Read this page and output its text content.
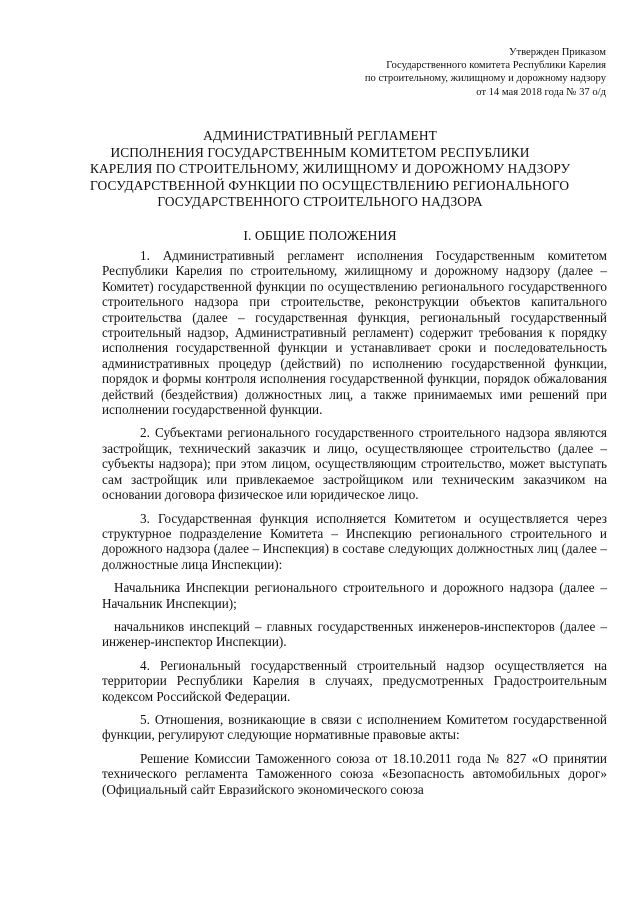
Утвержден Приказом
Государственного комитета Республики Карелия
по строительному, жилищному и дорожному надзору
от 14 мая 2018 года № 37 о/д
АДМИНИСТРАТИВНЫЙ РЕГЛАМЕНТ
ИСПОЛНЕНИЯ ГОСУДАРСТВЕННЫМ КОМИТЕТОМ РЕСПУБЛИКИ
КАРЕЛИЯ ПО СТРОИТЕЛЬНОМУ, ЖИЛИЩНОМУ И ДОРОЖНОМУ НАДЗОРУ
ГОСУДАРСТВЕННОЙ ФУНКЦИИ ПО ОСУЩЕСТВЛЕНИЮ РЕГИОНАЛЬНОГО
ГОСУДАРСТВЕННОГО СТРОИТЕЛЬНОГО НАДЗОРА
I. ОБЩИЕ ПОЛОЖЕНИЯ

1. Административный регламент исполнения Государственным комитетом Республики Карелия по строительному, жилищному и дорожному надзору (далее – Комитет) государственной функции по осуществлению регионального государственного строительного надзора при строительстве, реконструкции объектов капитального строительства (далее – государственная функция, региональный государственный строительный надзор, Административный регламент) содержит требования к порядку исполнения государственной функции и устанавливает сроки и последовательность административных процедур (действий) по исполнению государственной функции, порядок и формы контроля исполнения государственной функции, порядок обжалования действий (бездействия) должностных лиц, а также принимаемых ими решений при исполнении государственной функции.

2. Субъектами регионального государственного строительного надзора являются застройщик, технический заказчик и лицо, осуществляющее строительство (далее – субъекты надзора); при этом лицом, осуществляющим строительство, может выступать сам застройщик или привлекаемое застройщиком или техническим заказчиком на основании договора физическое или юридическое лицо.

3. Государственная функция исполняется Комитетом и осуществляется через структурное подразделение Комитета – Инспекцию регионального строительного и дорожного надзора (далее – Инспекция) в составе следующих должностных лиц (далее – должностные лица Инспекции):

Начальника Инспекции регионального строительного и дорожного надзора (далее – Начальник Инспекции);

начальников инспекций – главных государственных инженеров-инспекторов (далее – инженер-инспектор Инспекции).

4. Региональный государственный строительный надзор осуществляется на территории Республики Карелия в случаях, предусмотренных Градостроительным кодексом Российской Федерации.

5. Отношения, возникающие в связи с исполнением Комитетом государственной функции, регулируют следующие нормативные правовые акты:

Решение Комиссии Таможенного союза от 18.10.2011 года № 827 «О принятии технического регламента Таможенного союза «Безопасность автомобильных дорог» (Официальный сайт Евразийского экономического союза
